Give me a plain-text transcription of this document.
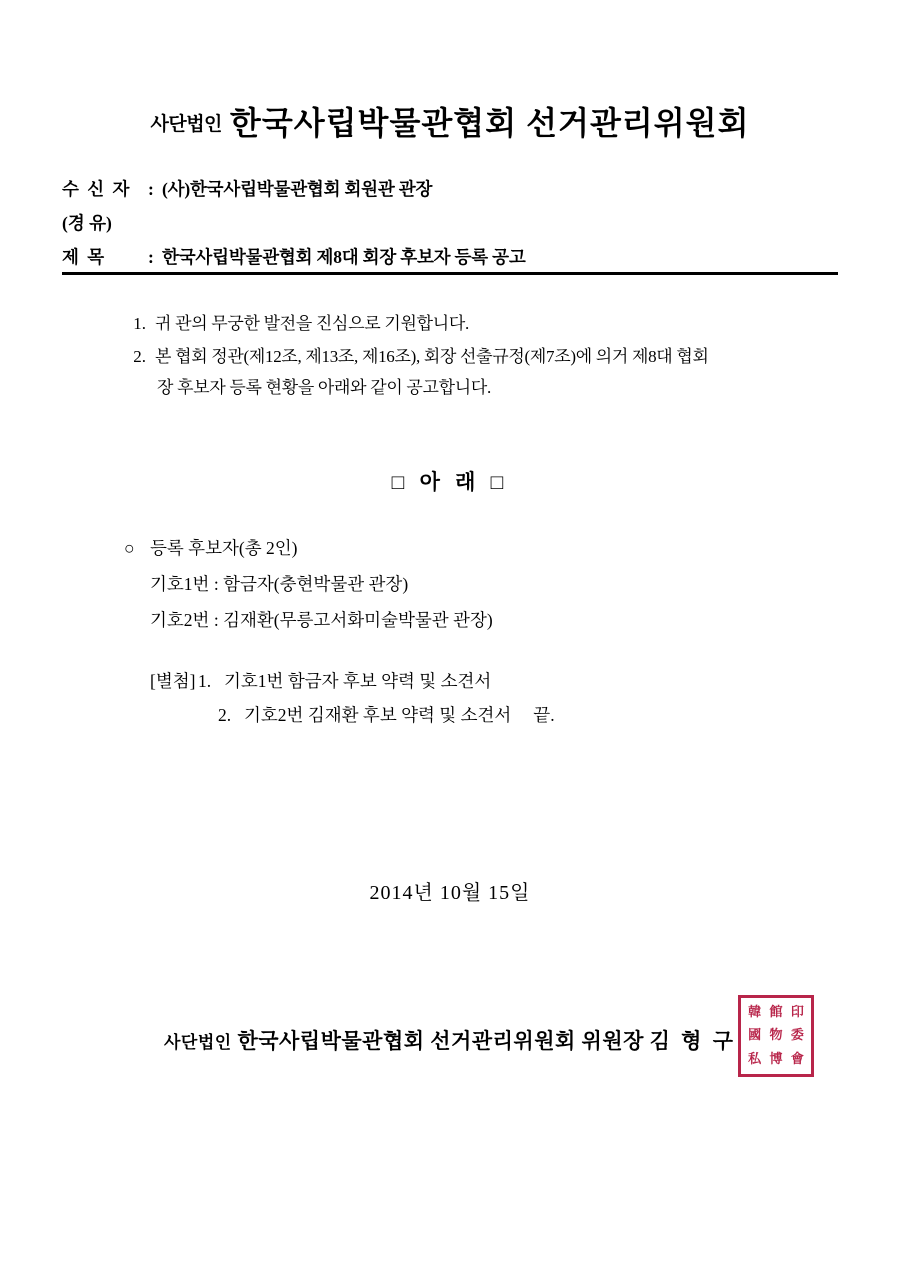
사단법인 한국사립박물관협회 선거관리위원회
수 신 자 : (사)한국사립박물관협회 회원관 관장
(경 유)
제 목	: 한국사립박물관협회 제8대 회장 후보자 등록 공고
1. 귀 관의 무궁한 발전을 진심으로 기원합니다.
2. 본 협회 정관(제12조, 제13조, 제16조), 회장 선출규정(제7조)에 의거 제8대 협회
장 후보자 등록 현황을 아래와 같이 공고합니다.
□ 아 래 □
○ 등록 후보자(총 2인)
기호1번 : 함금자(충현박물관 관장)
기호2번 : 김재환(무릉고서화미술박물관 관장)
[별첨] 1. 기호1번 함금자 후보 약력 및 소견서
2. 기호2번 김재환 후보 약력 및 소견서 끝.
2014년 10월 15일
사단법인 한국사립박물관협회 선거관리위원회 위원장 김 형 구
韓 館 印
國 物 委
私 博 會
